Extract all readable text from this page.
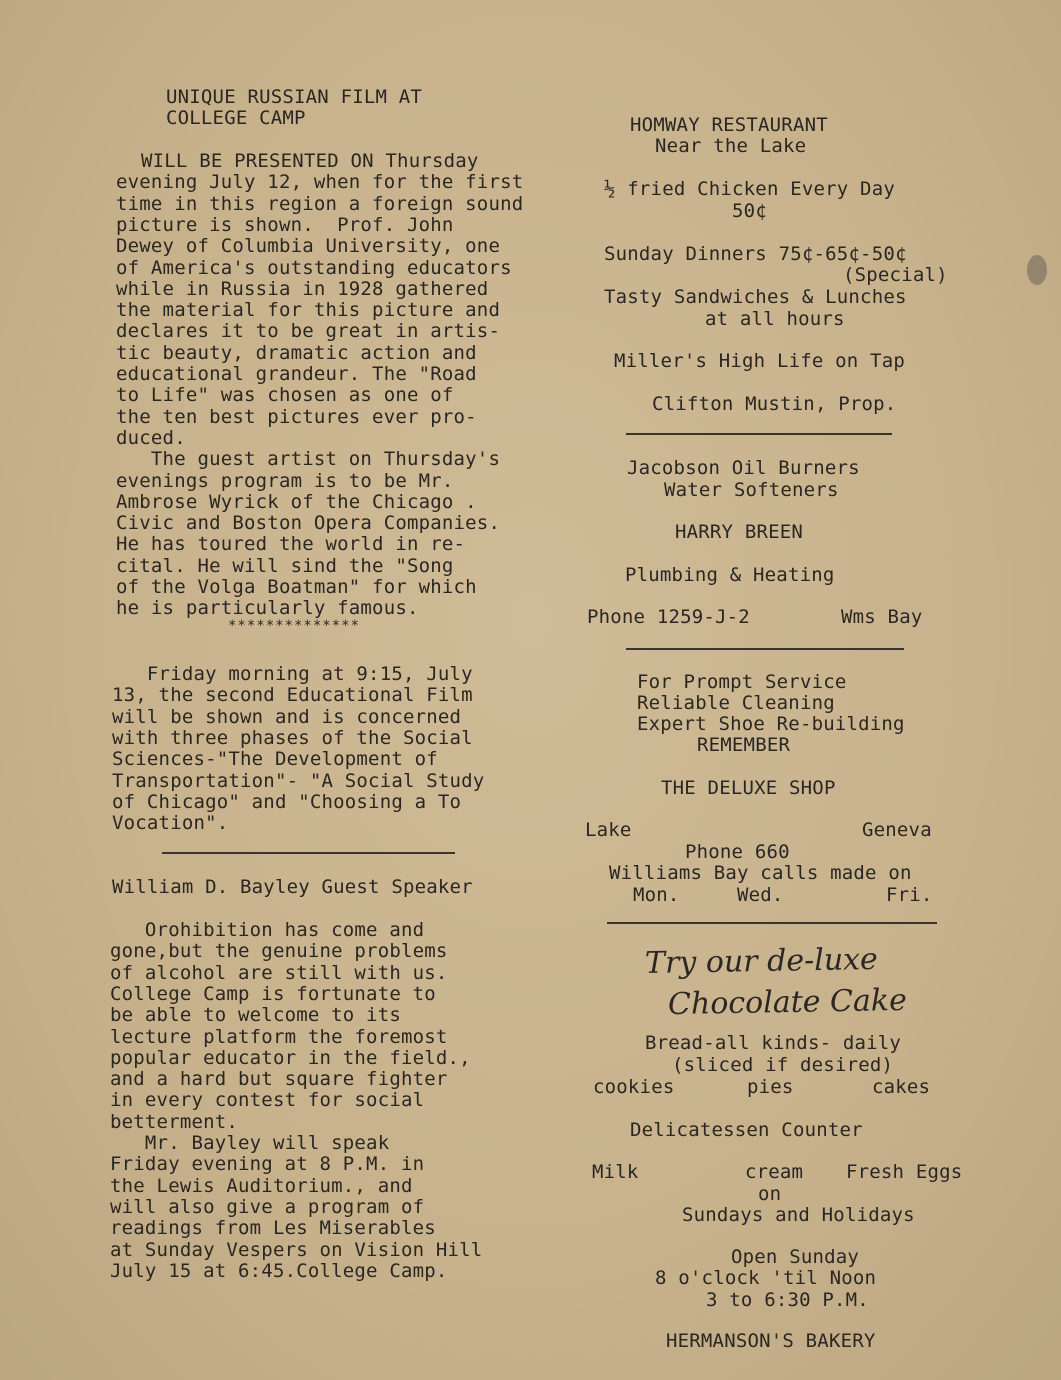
UNIQUE RUSSIAN FILM AT
COLLEGE CAMP
WILL BE PRESENTED ON Thursday
evening July 12, when for the first
time in this region a foreign sound
picture is shown.  Prof. John
Dewey of Columbia University, one
of America's outstanding educators
while in Russia in 1928 gathered
the material for this picture and
declares it to be great in artis-
tic beauty, dramatic action and
educational grandeur. The "Road
to Life" was chosen as one of
the ten best pictures ever pro-
duced.
The guest artist on Thursday's
evenings program is to be Mr.
Ambrose Wyrick of the Chicago .
Civic and Boston Opera Companies.
He has toured the world in re-
cital. He will sind the "Song
of the Volga Boatman" for which
he is particularly famous.
**************
Friday morning at 9:15, July
13, the second Educational Film
will be shown and is concerned
with three phases of the Social
Sciences-"The Development of
Transportation"- "A Social Study
of Chicago" and "Choosing a To
Vocation".
William D. Bayley Guest Speaker
Orohibition has come and
gone,but the genuine problems
of alcohol are still with us.
College Camp is fortunate to
be able to welcome to its
lecture platform the foremost
popular educator in the field.,
and a hard but square fighter
in every contest for social
betterment.
Mr. Bayley will speak
Friday evening at 8 P.M. in
the Lewis Auditorium., and
will also give a program of
readings from Les Miserables
at Sunday Vespers on Vision Hill
July 15 at 6:45.College Camp.
HOMWAY RESTAURANT
Near the Lake
½ fried Chicken Every Day
50¢
Sunday Dinners 75¢-65¢-50¢
(Special)
Tasty Sandwiches & Lunches
at all hours
Miller's High Life on Tap
Clifton Mustin, Prop.
Jacobson Oil Burners
Water Softeners
HARRY BREEN
Plumbing & Heating
Phone 1259-J-2	Wms Bay
For Prompt Service
Reliable Cleaning
Expert Shoe Re-building
REMEMBER
THE DELUXE SHOP
Lake	Geneva
Phone 660
Williams Bay calls made on
Mon.	Wed.	Fri.
Try our de-luxe
Chocolate Cake
Bread-all kinds- daily
(sliced if desired)
cookies	pies	cakes
Delicatessen Counter
Milk	cream Fresh Eggs
on
Sundays and Holidays
Open Sunday
8 o'clock 'til Noon
3 to 6:30 P.M.
HERMANSON'S BAKERY
